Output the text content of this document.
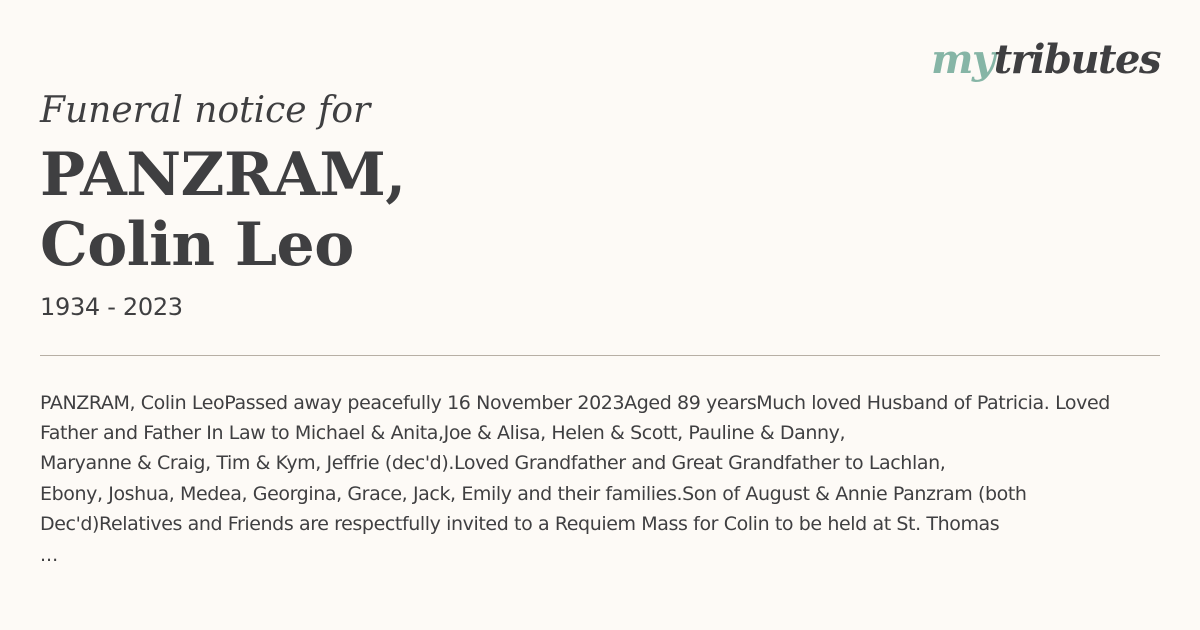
mytributes

Funeral notice for

PANZRAM,
Colin Leo
1934 - 2023

PANZRAM, Colin LeoPassed away peacefully 16 November 2023Aged 89 yearsMuch loved Husband of Patricia. Loved
Father and Father In Law to Michael & Anita,Joe & Alisa, Helen & Scott, Pauline & Danny,
Maryanne & Craig, Tim & Kym, Jeffrie (dec'd).Loved Grandfather and Great Grandfather to Lachlan,
Ebony, Joshua, Medea, Georgina, Grace, Jack, Emily and their families.Son of August & Annie Panzram (both
Dec'd)Relatives and Friends are respectfully invited to a Requiem Mass for Colin to be held at St. Thomas

...
